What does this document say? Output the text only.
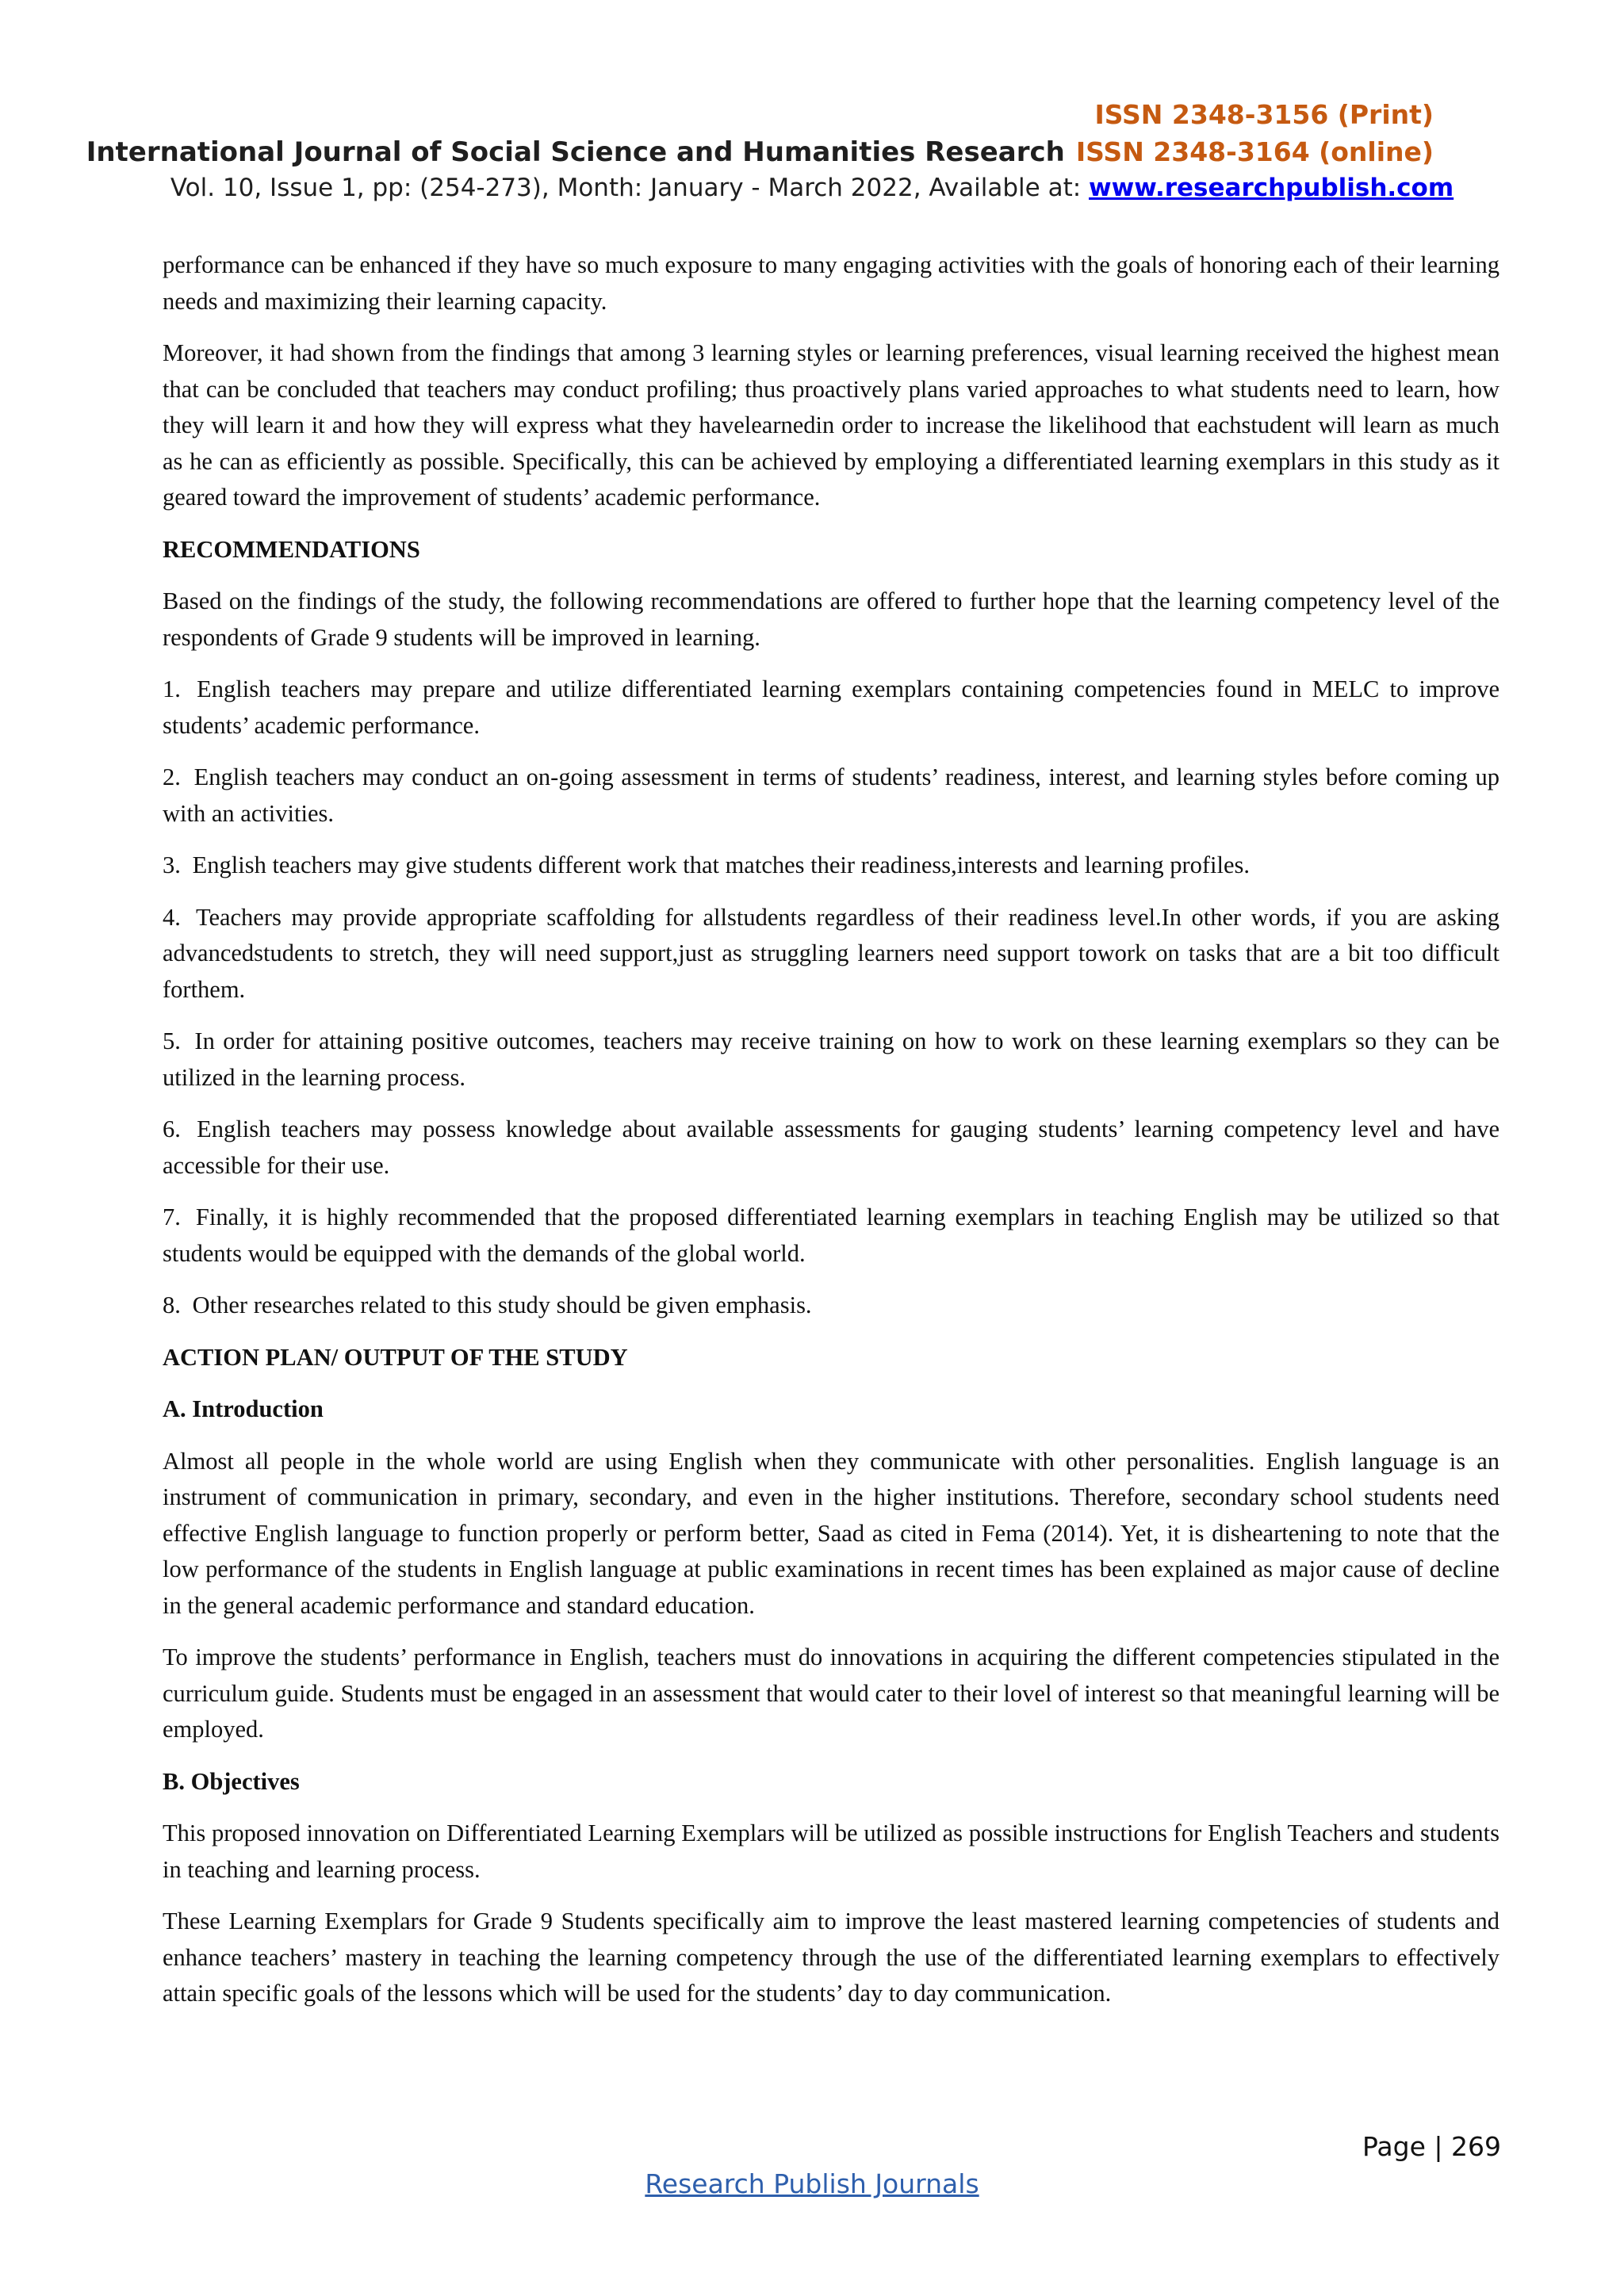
ISSN 2348-3156 (Print)
International Journal of Social Science and Humanities Research ISSN 2348-3164 (online)
Vol. 10, Issue 1, pp: (254-273), Month: January - March 2022, Available at: www.researchpublish.com

performance can be enhanced if they have so much exposure to many engaging activities with the goals of honoring each of their learning needs and maximizing their learning capacity.

Moreover, it had shown from the findings that among 3 learning styles or learning preferences, visual learning received the highest mean that can be concluded that teachers may conduct profiling; thus proactively plans varied approaches to what students need to learn, how they will learn it and how they will express what they havelearnedin order to increase the likelihood that eachstudent will learn as much as he can as efficiently as possible. Specifically, this can be achieved by employing a differentiated learning exemplars in this study as it geared toward the improvement of students’ academic performance.

RECOMMENDATIONS

Based on the findings of the study, the following recommendations are offered to further hope that the learning competency level of the respondents of Grade 9 students will be improved in learning.

1. English teachers may prepare and utilize differentiated learning exemplars containing competencies found in MELC to improve students’ academic performance.

2. English teachers may conduct an on-going assessment in terms of students’ readiness, interest, and learning styles before coming up with an activities.

3. English teachers may give students different work that matches their readiness,interests and learning profiles.

4. Teachers may provide appropriate scaffolding for allstudents regardless of their readiness level.In other words, if you are asking advancedstudents to stretch, they will need support,just as struggling learners need support towork on tasks that are a bit too difficult forthem.

5. In order for attaining positive outcomes, teachers may receive training on how to work on these learning exemplars so they can be utilized in the learning process.

6. English teachers may possess knowledge about available assessments for gauging students’ learning competency level and have accessible for their use.

7. Finally, it is highly recommended that the proposed differentiated learning exemplars in teaching English may be utilized so that students would be equipped with the demands of the global world.

8. Other researches related to this study should be given emphasis.

ACTION PLAN/ OUTPUT OF THE STUDY

A. Introduction

Almost all people in the whole world are using English when they communicate with other personalities. English language is an instrument of communication in primary, secondary, and even in the higher institutions. Therefore, secondary school students need effective English language to function properly or perform better, Saad as cited in Fema (2014). Yet, it is disheartening to note that the low performance of the students in English language at public examinations in recent times has been explained as major cause of decline in the general academic performance and standard education.

To improve the students’ performance in English, teachers must do innovations in acquiring the different competencies stipulated in the curriculum guide. Students must be engaged in an assessment that would cater to their lovel of interest so that meaningful learning will be employed.

B. Objectives

This proposed innovation on Differentiated Learning Exemplars will be utilized as possible instructions for English Teachers and students in teaching and learning process.

These Learning Exemplars for Grade 9 Students specifically aim to improve the least mastered learning competencies of students and enhance teachers’ mastery in teaching the learning competency through the use of the differentiated learning exemplars to effectively attain specific goals of the lessons which will be used for the students’ day to day communication.

Page | 269
Research Publish Journals
